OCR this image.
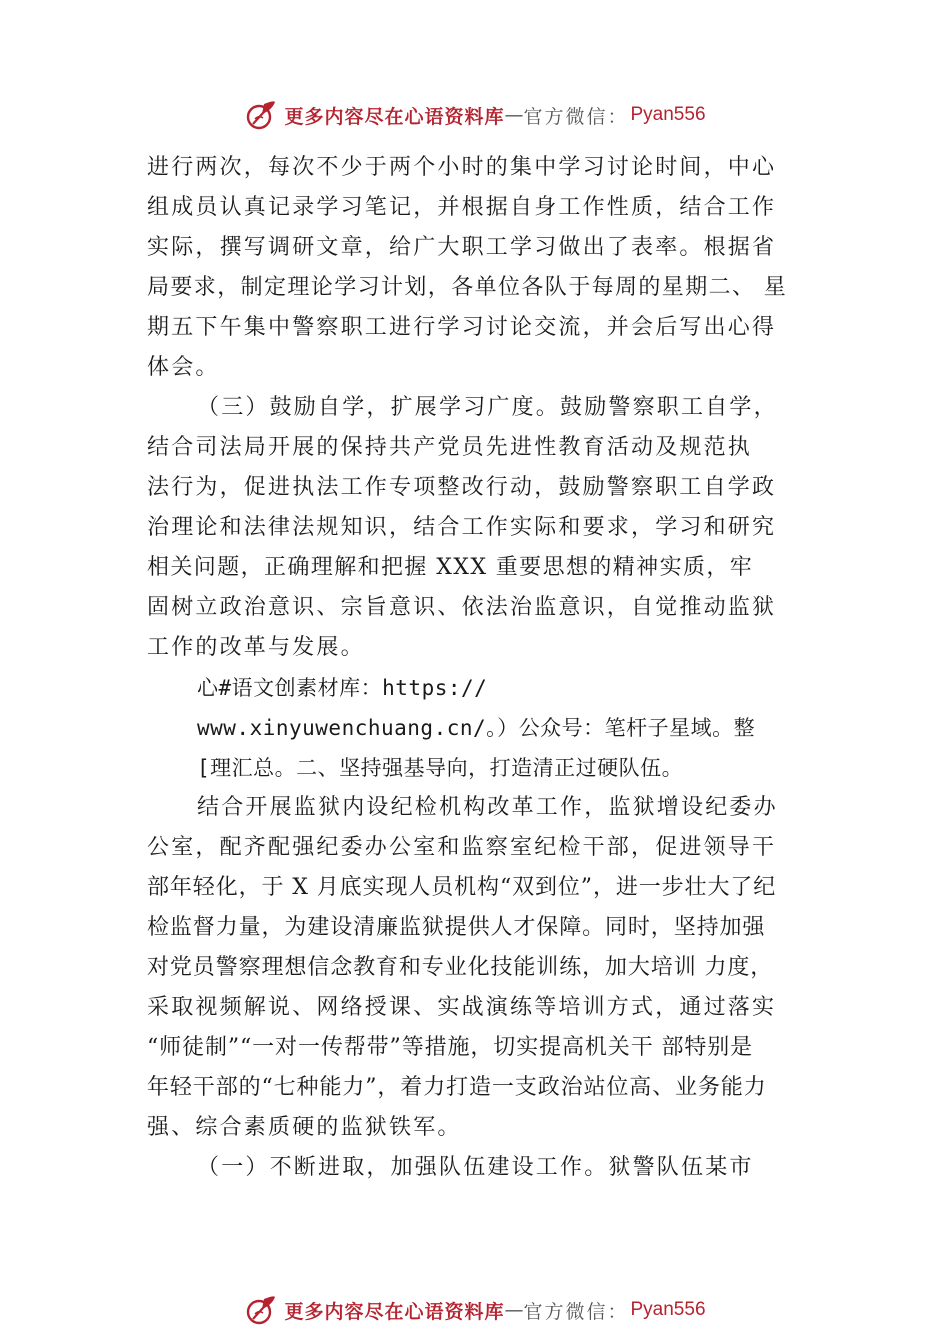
更多内容尽在心语资料库 — 官方微信： Pyan556
进行两次，每次不少于两个小时的集中学习讨论时间，中心
组成员认真记录学习笔记，并根据自身工作性质，结合工作
实际，撰写调研文章，给广大职工学习做出了表率。根据省
局要求，制定理论学习计划，各单位各队于每周的星期二、 星
期五下午集中警察职工进行学习讨论交流，并会后写出心得
体会。
（三）鼓励自学，扩展学习广度。鼓励警察职工自学，
结合司法局开展的保持共产党员先进性教育活动及规范执
法行为，促进执法工作专项整改行动，鼓励警察职工自学政
治理论和法律法规知识，结合工作实际和要求，学习和研究
相关问题，正确理解和把握 XXX 重要思想的精神实质，牢
固树立政治意识、宗旨意识、依法治监意识，自觉推动监狱
工作的改革与发展。
心#语文创素材库：https://
www.xinyuwenchuang.cn/。）公众号：笔杆子星域。整
[理汇总。二、坚持强基导向，打造清正过硬队伍。
结合开展监狱内设纪检机构改革工作，监狱增设纪委办
公室，配齐配强纪委办公室和监察室纪检干部，促进领导干
部年轻化，于 X 月底实现人员机构“双到位”，进一步壮大了纪
检监督力量，为建设清廉监狱提供人才保障。同时，坚持加强
对党员警察理想信念教育和专业化技能训练，加大培训 力度，
采取视频解说、网络授课、实战演练等培训方式，通过落实
“师徒制”“一对一传帮带”等措施，切实提高机关干 部特别是
年轻干部的“七种能力”，着力打造一支政治站位高、业务能力
强、综合素质硬的监狱铁军。
（一）不断进取，加强队伍建设工作。狱警队伍某市
更多内容尽在心语资料库 — 官方微信： Pyan556
